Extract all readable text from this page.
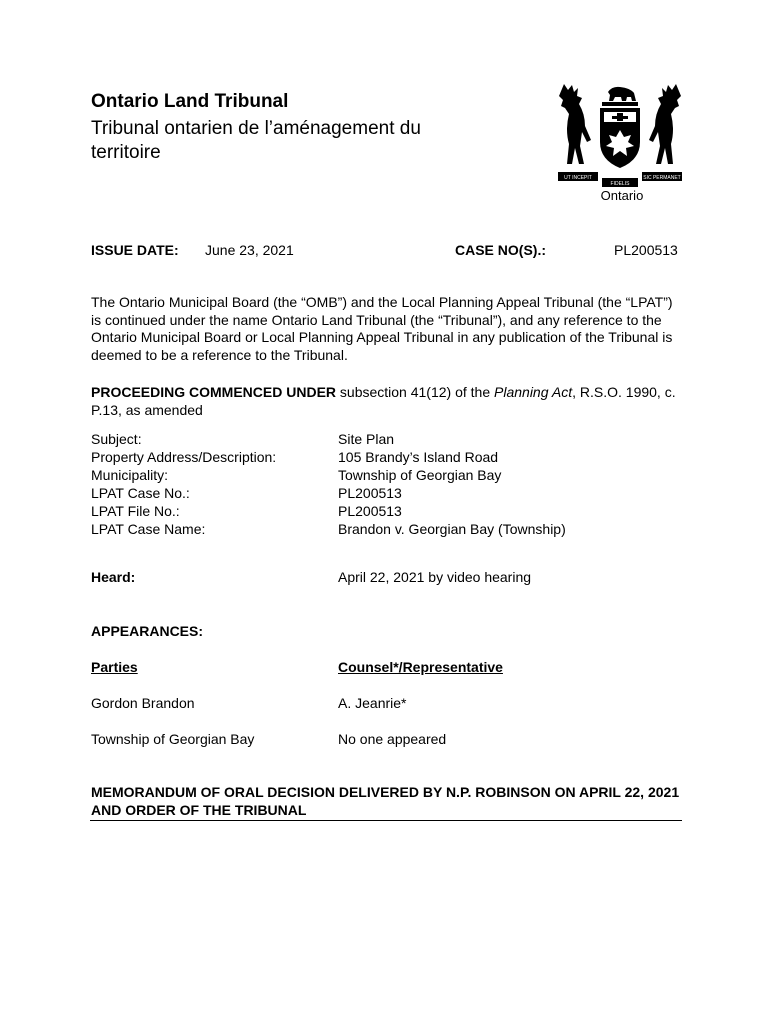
Ontario Land Tribunal
Tribunal ontarien de l’aménagement du territoire
UT INCEPIT	SIC PERMANET
FIDELIS
Ontario
ISSUE DATE: June 23, 2021	CASE NO(S).:	PL200513
The Ontario Municipal Board (the “OMB”) and the Local Planning Appeal Tribunal (the “LPAT”) is continued under the name Ontario Land Tribunal (the “Tribunal”), and any reference to the Ontario Municipal Board or Local Planning Appeal Tribunal in any publication of the Tribunal is deemed to be a reference to the Tribunal.
PROCEEDING COMMENCED UNDER subsection 41(12) of the Planning Act, R.S.O. 1990, c. P.13, as amended
Subject:	Site Plan
Property Address/Description:	105 Brandy’s Island Road
Municipality:	Township of Georgian Bay
LPAT Case No.:	PL200513
LPAT File No.:	PL200513
LPAT Case Name:	Brandon v. Georgian Bay (Township)
Heard:	April 22, 2021 by video hearing
APPEARANCES:
Parties	Counsel*/Representative
Gordon Brandon	A. Jeanrie*
Township of Georgian Bay	No one appeared
MEMORANDUM OF ORAL DECISION DELIVERED BY N.P. ROBINSON ON APRIL 22, 2021 AND ORDER OF THE TRIBUNAL
